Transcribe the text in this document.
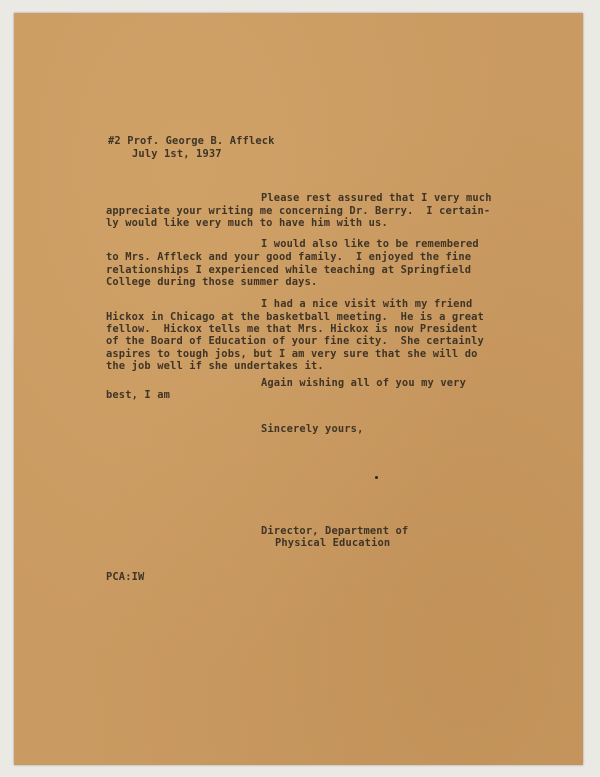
#2 Prof. George B. Affleck

July 1st, 1937

Please rest assured that I very much

appreciate your writing me concerning Dr. Berry.  I certain-

ly would like very much to have him with us.

I would also like to be remembered

to Mrs. Affleck and your good family.  I enjoyed the fine

relationships I experienced while teaching at Springfield

College during those summer days.

I had a nice visit with my friend

Hickox in Chicago at the basketball meeting.  He is a great

fellow.  Hickox tells me that Mrs. Hickox is now President

of the Board of Education of your fine city.  She certainly

aspires to tough jobs, but I am very sure that she will do

the job well if she undertakes it.

Again wishing all of you my very

best, I am

Sincerely yours,

Director, Department of

Physical Education

PCA:IW
